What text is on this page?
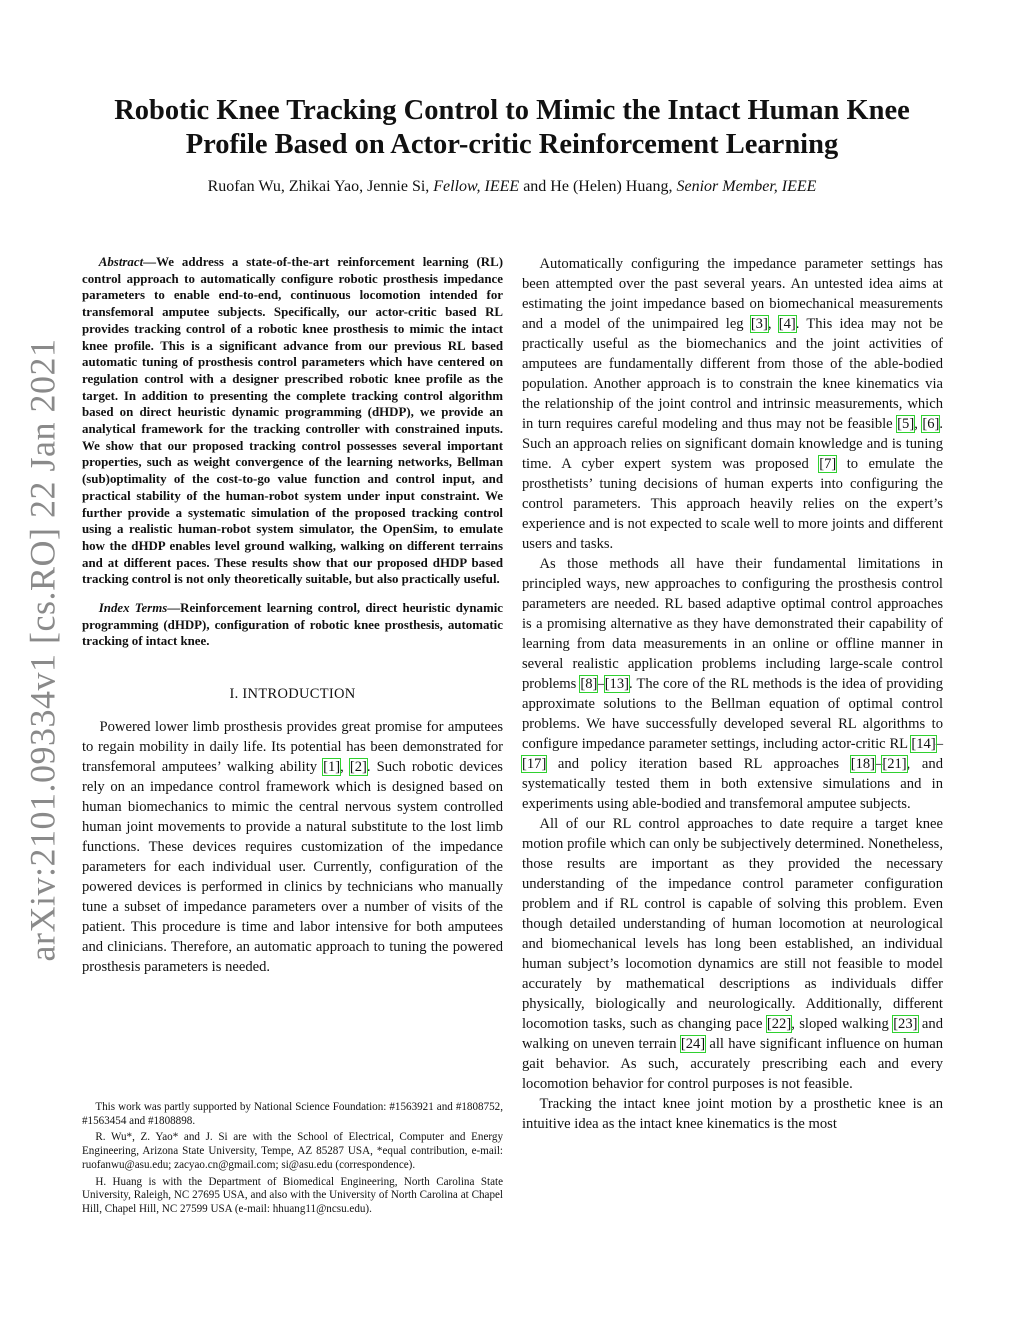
arXiv:2101.09334v1 [cs.RO] 22 Jan 2021
Robotic Knee Tracking Control to Mimic the Intact Human Knee Profile Based on Actor-critic Reinforcement Learning
Ruofan Wu, Zhikai Yao, Jennie Si, Fellow, IEEE and He (Helen) Huang, Senior Member, IEEE

Abstract—We address a state-of-the-art reinforcement learning (RL) control approach to automatically configure robotic prosthesis impedance parameters to enable end-to-end, continuous locomotion intended for transfemoral amputee subjects. Specifically, our actor-critic based RL provides tracking control of a robotic knee prosthesis to mimic the intact knee profile. This is a significant advance from our previous RL based automatic tuning of prosthesis control parameters which have centered on regulation control with a designer prescribed robotic knee profile as the target. In addition to presenting the complete tracking control algorithm based on direct heuristic dynamic programming (dHDP), we provide an analytical framework for the tracking controller with constrained inputs. We show that our proposed tracking control possesses several important properties, such as weight convergence of the learning networks, Bellman (sub)optimality of the cost-to-go value function and control input, and practical stability of the human-robot system under input constraint. We further provide a systematic simulation of the proposed tracking control using a realistic human-robot system simulator, the OpenSim, to emulate how the dHDP enables level ground walking, walking on different terrains and at different paces. These results show that our proposed dHDP based tracking control is not only theoretically suitable, but also practically useful.

Index Terms—Reinforcement learning control, direct heuristic dynamic programming (dHDP), configuration of robotic knee prosthesis, automatic tracking of intact knee.

I. INTRODUCTION

Powered lower limb prosthesis provides great promise for amputees to regain mobility in daily life. Its potential has been demonstrated for transfemoral amputees’ walking ability [1], [2]. Such robotic devices rely on an impedance control framework which is designed based on human biomechanics to mimic the central nervous system controlled human joint movements to provide a natural substitute to the lost limb functions. These devices requires customization of the impedance parameters for each individual user. Currently, configuration of the powered devices is performed in clinics by technicians who manually tune a subset of impedance parameters over a number of visits of the patient. This procedure is time and labor intensive for both amputees and clinicians. Therefore, an automatic approach to tuning the powered prosthesis parameters is needed.

This work was partly supported by National Science Foundation: #1563921 and #1808752, #1563454 and #1808898.

R. Wu*, Z. Yao* and J. Si are with the School of Electrical, Computer and Energy Engineering, Arizona State University, Tempe, AZ 85287 USA, *equal contribution, e-mail: ruofanwu@asu.edu; zacyao.cn@gmail.com; si@asu.edu (correspondence).

H. Huang is with the Department of Biomedical Engineering, North Carolina State University, Raleigh, NC 27695 USA, and also with the University of North Carolina at Chapel Hill, Chapel Hill, NC 27599 USA (e-mail: hhuang11@ncsu.edu).

Automatically configuring the impedance parameter settings has been attempted over the past several years. An untested idea aims at estimating the joint impedance based on biomechanical measurements and a model of the unimpaired leg [3], [4]. This idea may not be practically useful as the biomechanics and the joint activities of amputees are fundamentally different from those of the able-bodied population. Another approach is to constrain the knee kinematics via the relationship of the joint control and intrinsic measurements, which in turn requires careful modeling and thus may not be feasible [5], [6]. Such an approach relies on significant domain knowledge and is tuning time. A cyber expert system was proposed [7] to emulate the prosthetists’ tuning decisions of human experts into configuring the control parameters. This approach heavily relies on the expert’s experience and is not expected to scale well to more joints and different users and tasks.

As those methods all have their fundamental limitations in principled ways, new approaches to configuring the prosthesis control parameters are needed. RL based adaptive optimal control approaches is a promising alternative as they have demonstrated their capability of learning from data measurements in an online or offline manner in several realistic application problems including large-scale control problems [8]–[13]. The core of the RL methods is the idea of providing approximate solutions to the Bellman equation of optimal control problems. We have successfully developed several RL algorithms to configure impedance parameter settings, including actor-critic RL [14]–[17] and policy iteration based RL approaches [18]–[21], and systematically tested them in both extensive simulations and in experiments using able-bodied and transfemoral amputee subjects.

All of our RL control approaches to date require a target knee motion profile which can only be subjectively determined. Nonetheless, those results are important as they provided the necessary understanding of the impedance control parameter configuration problem and if RL control is capable of solving this problem. Even though detailed understanding of human locomotion at neurological and biomechanical levels has long been established, an individual human subject’s locomotion dynamics are still not feasible to model accurately by mathematical descriptions as individuals differ physically, biologically and neurologically. Additionally, different locomotion tasks, such as changing pace [22], sloped walking [23] and walking on uneven terrain [24] all have significant influence on human gait behavior. As such, accurately prescribing each and every locomotion behavior for control purposes is not feasible.

Tracking the intact knee joint motion by a prosthetic knee is an intuitive idea as the intact knee kinematics is the most
